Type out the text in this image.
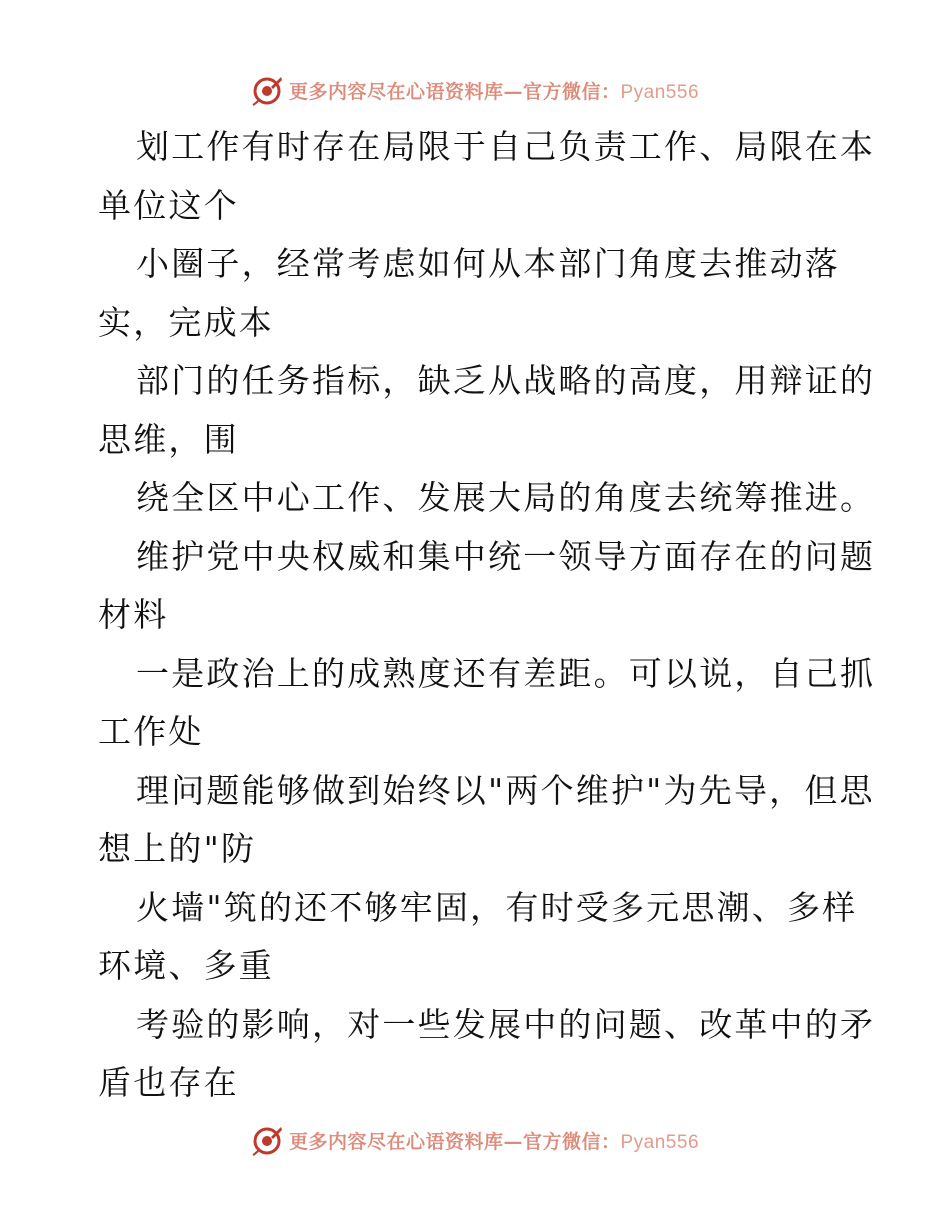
更多内容尽在心语资料库—官方微信：Pyan556
划工作有时存在局限于自己负责工作、局限在本
单位这个
小圈子，经常考虑如何从本部门角度去推动落
实，完成本
部门的任务指标，缺乏从战略的高度，用辩证的
思维，围
绕全区中心工作、发展大局的角度去统筹推进。
维护党中央权威和集中统一领导方面存在的问题
材料
一是政治上的成熟度还有差距。可以说，自己抓
工作处
理问题能够做到始终以"两个维护"为先导，但思
想上的"防
火墙"筑的还不够牢固，有时受多元思潮、多样
环境、多重
考验的影响，对一些发展中的问题、改革中的矛
盾也存在
更多内容尽在心语资料库—官方微信：Pyan556
